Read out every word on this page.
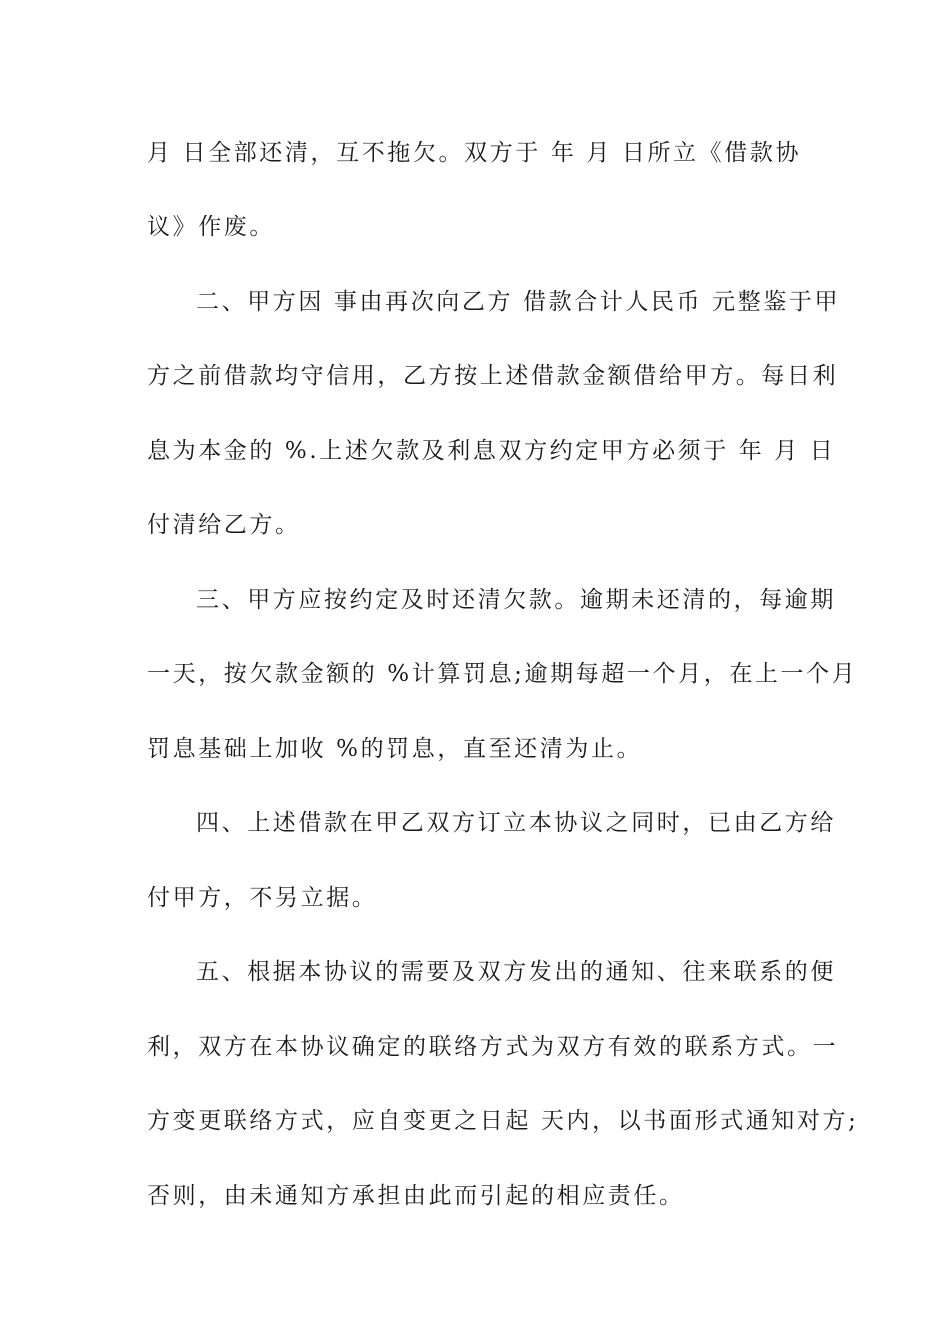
月 日全部还清，互不拖欠。双方于 年 月 日所立《借款协
议》作废。
二、甲方因 事由再次向乙方 借款合计人民币 元整鉴于甲
方之前借款均守信用，乙方按上述借款金额借给甲方。每日利
息为本金的 %.上述欠款及利息双方约定甲方必须于 年 月 日
付清给乙方。
三、甲方应按约定及时还清欠款。逾期未还清的，每逾期
一天，按欠款金额的 %计算罚息;逾期每超一个月，在上一个月
罚息基础上加收 %的罚息，直至还清为止。
四、上述借款在甲乙双方订立本协议之同时，已由乙方给
付甲方，不另立据。
五、根据本协议的需要及双方发出的通知、往来联系的便
利，双方在本协议确定的联络方式为双方有效的联系方式。一
方变更联络方式，应自变更之日起 天内，以书面形式通知对方;
否则，由未通知方承担由此而引起的相应责任。
